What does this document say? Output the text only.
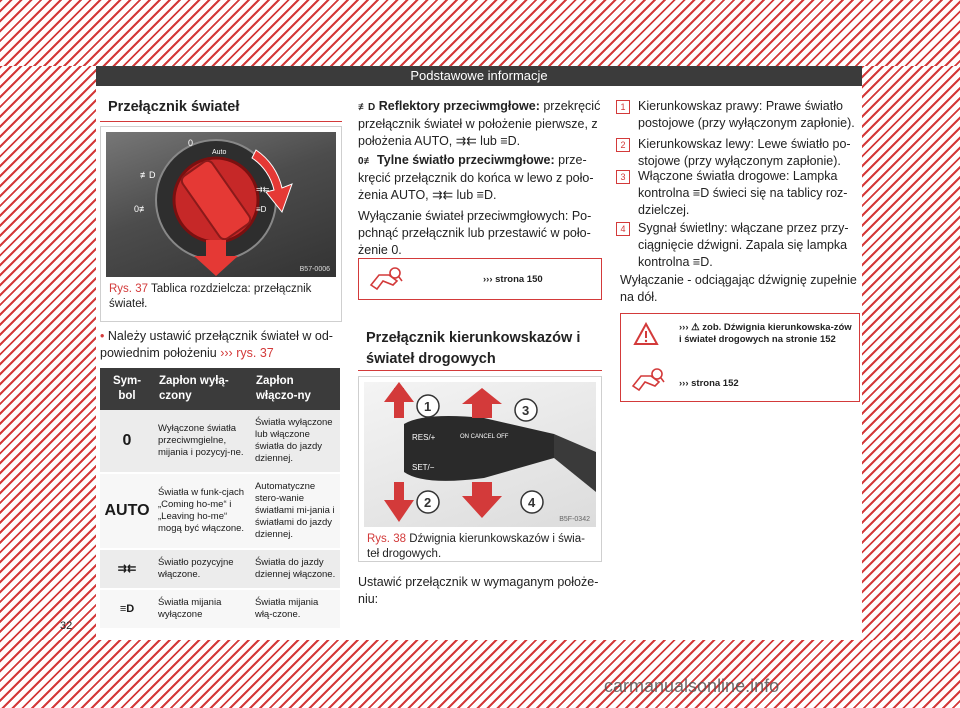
Podstawowe informacje
Przełącznik świateł
0
Auto
≢D
0≢
⇉⇇
≡D
B57-0006
Rys. 37 Tablica rozdzielcza: przełącznik świateł.
• Należy ustawić przełącznik świateł w od-powiednim położeniu ››› rys. 37
Sym-bol	Zapłon wyłą-czony	Zapłon włączo-ny
0	Wyłączone światła przeciwmgielne, mijania i pozycyj-ne.	Światła wyłączone lub włączone światła do jazdy dziennej.
AUTO	Światła w funk-cjach „Coming ho-me“ i „Leaving ho-me“ mogą być włączone.	Automatyczne stero-wanie światłami mi-jania i światłami do jazdy dziennej.
⇉⇇	Światło pozycyjne włączone.	Światła do jazdy dziennej włączone.
≡D	Światła mijania wyłączone	Światła mijania włą-czone.
≢D Reflektory przeciwmgłowe: przekręcić przełącznik świateł w położenie pierwsze, z położenia AUTO, ⇉⇇ lub ≡D.
0≢ Tylne światło przeciwmgłowe: prze-kręcić przełącznik do końca w lewo z poło-żenia AUTO, ⇉⇇ lub ≡D.
Wyłączanie świateł przeciwmgłowych: Po-pchnąć przełącznik lub przestawić w poło-żenie 0.
››› strona 150
Przełącznik kierunkowskazów i świateł drogowych
RES/+
SET/−
ON CANCEL OFF
1
2
3
4
B5F-0342
Rys. 38 Dźwignia kierunkowskazów i świa-teł drogowych.
Ustawić przełącznik w wymaganym położe-niu:
1	Kierunkowskaz prawy: Prawe światło postojowe (przy wyłączonym zapłonie).
2	Kierunkowskaz lewy: Lewe światło po-stojowe (przy wyłączonym zapłonie).
3	Włączone światła drogowe: Lampka kontrolna ≡D świeci się na tablicy roz-dzielczej.
4	Sygnał świetlny: włączane przez przy-ciągnięcie dźwigni. Zapala się lampka kontrolna ≡D.
Wyłączanie - odciągając dźwignię zupełnie na dół.
››› ⚠ zob. Dźwignia kierunkowska-zów i świateł drogowych na stronie 152
››› strona 152
32
carmanualsonline.info
